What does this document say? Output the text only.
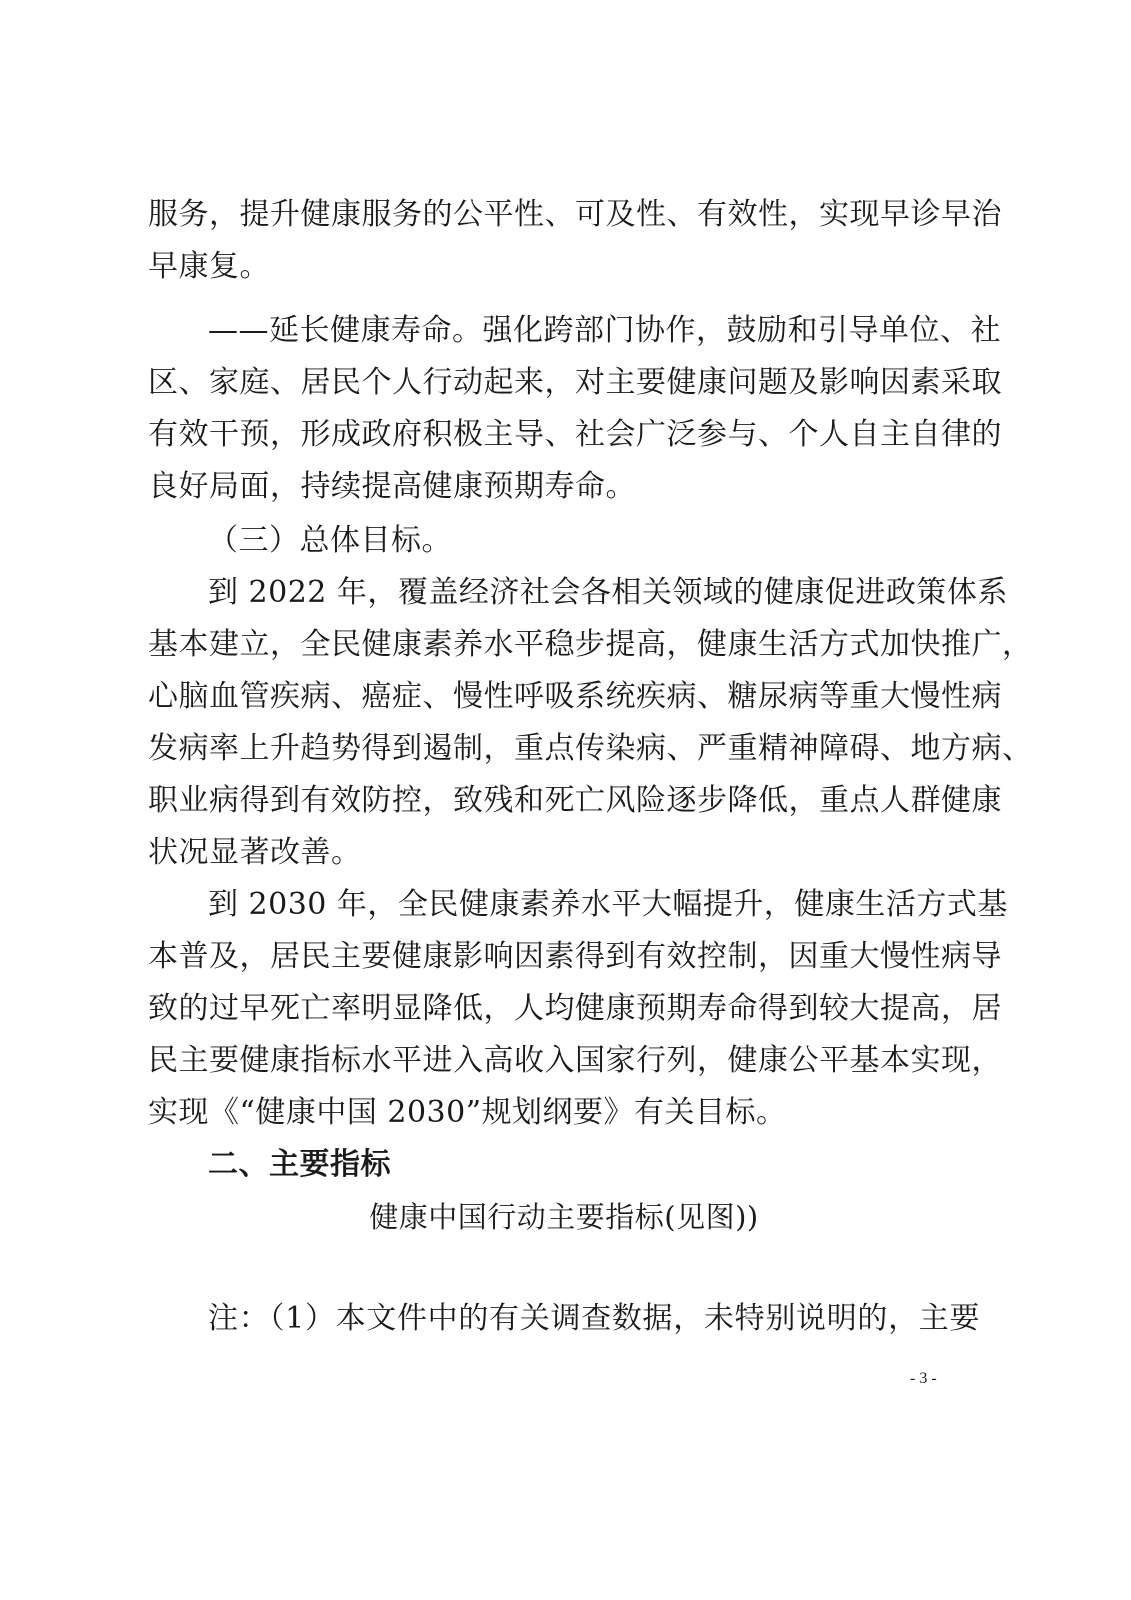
服务，提升健康服务的公平性、可及性、有效性，实现早诊早治
早康复。
——延长健康寿命。强化跨部门协作，鼓励和引导单位、社
区、家庭、居民个人行动起来，对主要健康问题及影响因素采取
有效干预，形成政府积极主导、社会广泛参与、个人自主自律的
良好局面，持续提高健康预期寿命。
（三）总体目标。
到 2022 年，覆盖经济社会各相关领域的健康促进政策体系
基本建立，全民健康素养水平稳步提高，健康生活方式加快推广，
心脑血管疾病、癌症、慢性呼吸系统疾病、糖尿病等重大慢性病
发病率上升趋势得到遏制，重点传染病、严重精神障碍、地方病、
职业病得到有效防控，致残和死亡风险逐步降低，重点人群健康
状况显著改善。
到 2030 年，全民健康素养水平大幅提升，健康生活方式基
本普及，居民主要健康影响因素得到有效控制，因重大慢性病导
致的过早死亡率明显降低，人均健康预期寿命得到较大提高，居
民主要健康指标水平进入高收入国家行列，健康公平基本实现，
实现《“健康中国 2030”规划纲要》有关目标。
二、主要指标
健康中国行动主要指标(见图))
注：（1）本文件中的有关调查数据，未特别说明的，主要
- 3 -
